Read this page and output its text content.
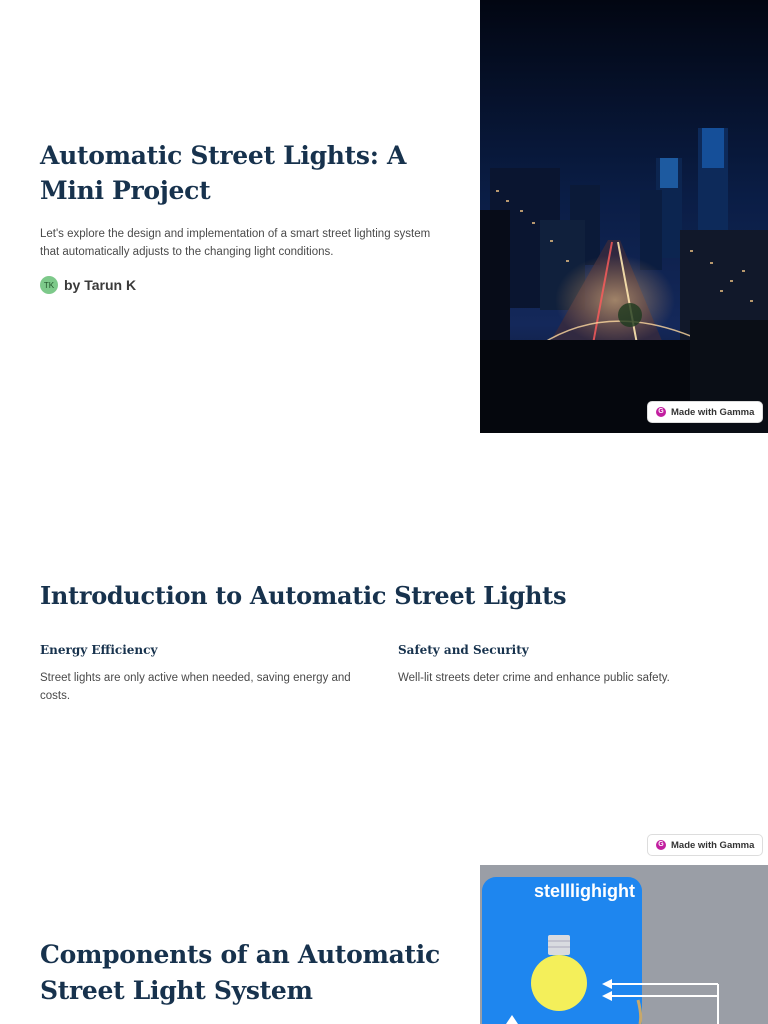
Automatic Street Lights: A Mini Project

Let's explore the design and implementation of a smart street lighting system that automatically adjusts to the changing light conditions.

TK by Tarun K
G Made with Gamma
Introduction to Automatic Street Lights
Energy Efficiency

Street lights are only active when needed, saving energy and costs.

Safety and Security

Well-lit streets deter crime and enhance public safety.

G Made with Gamma
Components of an Automatic Street Light System
stelllighight
